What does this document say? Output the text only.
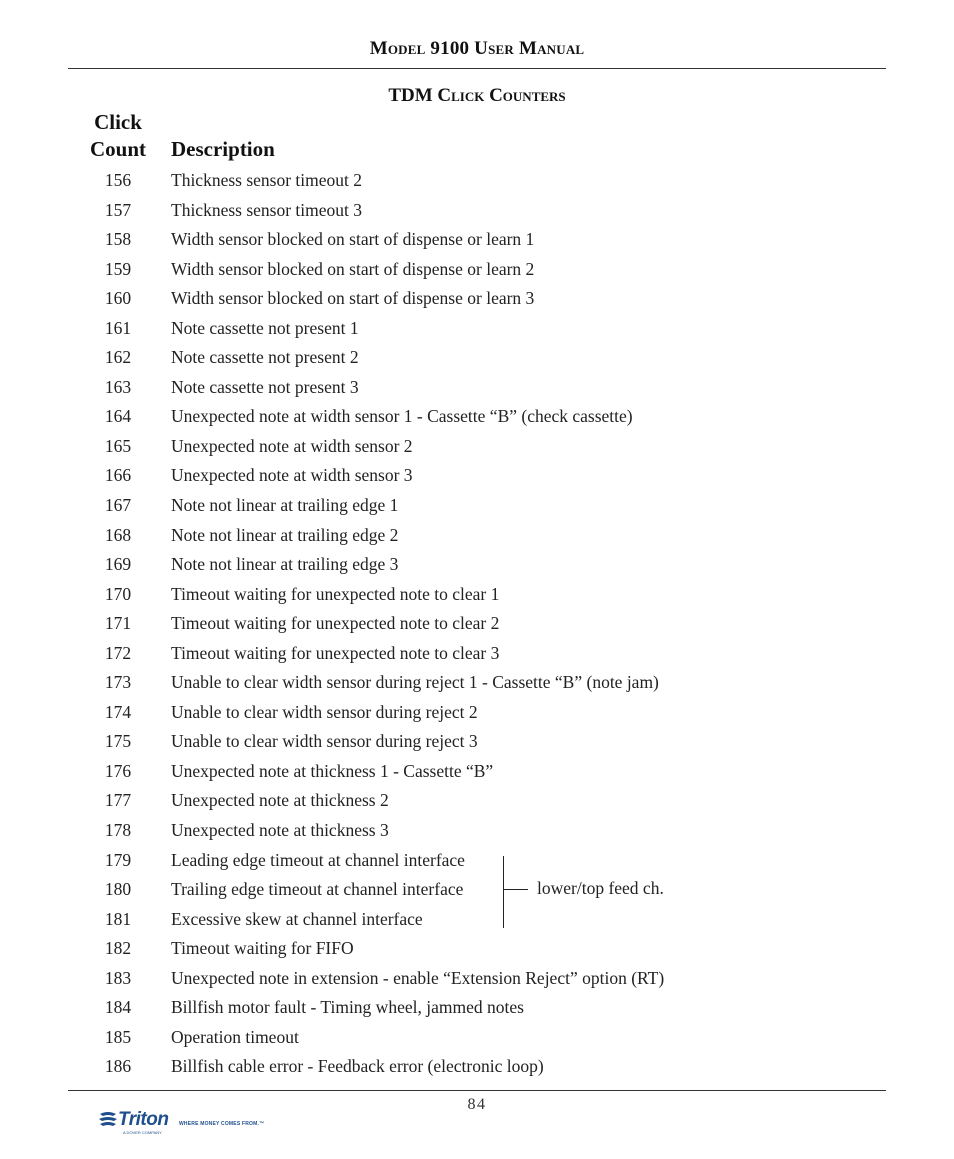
Model 9100 User Manual
TDM Click Counters
Click
Count	Description
156	Thickness sensor timeout 2
157	Thickness sensor timeout 3
158	Width sensor blocked on start of dispense or learn 1
159	Width sensor blocked on start of dispense or learn 2
160	Width sensor blocked on start of dispense or learn 3
161	Note cassette not present 1
162	Note cassette not present 2
163	Note cassette not present 3
164	Unexpected note at width sensor 1 - Cassette “B” (check cassette)
165	Unexpected note at width sensor 2
166	Unexpected note at width sensor 3
167	Note not linear at trailing edge 1
168	Note not linear at trailing edge 2
169	Note not linear at trailing edge 3
170	Timeout waiting for unexpected note to clear 1
171	Timeout waiting for unexpected note to clear 2
172	Timeout waiting for unexpected note to clear 3
173	Unable to clear width sensor during reject 1 - Cassette “B” (note jam)
174	Unable to clear width sensor during reject 2
175	Unable to clear width sensor during reject 3
176	Unexpected note at thickness 1 - Cassette “B”
177	Unexpected note at thickness 2
178	Unexpected note at thickness 3
179	Leading edge timeout at channel interface
180	Trailing edge timeout at channel interface
181	Excessive skew at channel interface
182	Timeout waiting for FIFO
183	Unexpected note in extension - enable “Extension Reject” option (RT)
184	Billfish motor fault - Timing wheel, jammed notes
185	Operation timeout
186	Billfish cable error - Feedback error (electronic loop)
lower/top feed ch.
84
Triton WHERE MONEY COMES FROM.™
A DOVER COMPANY
